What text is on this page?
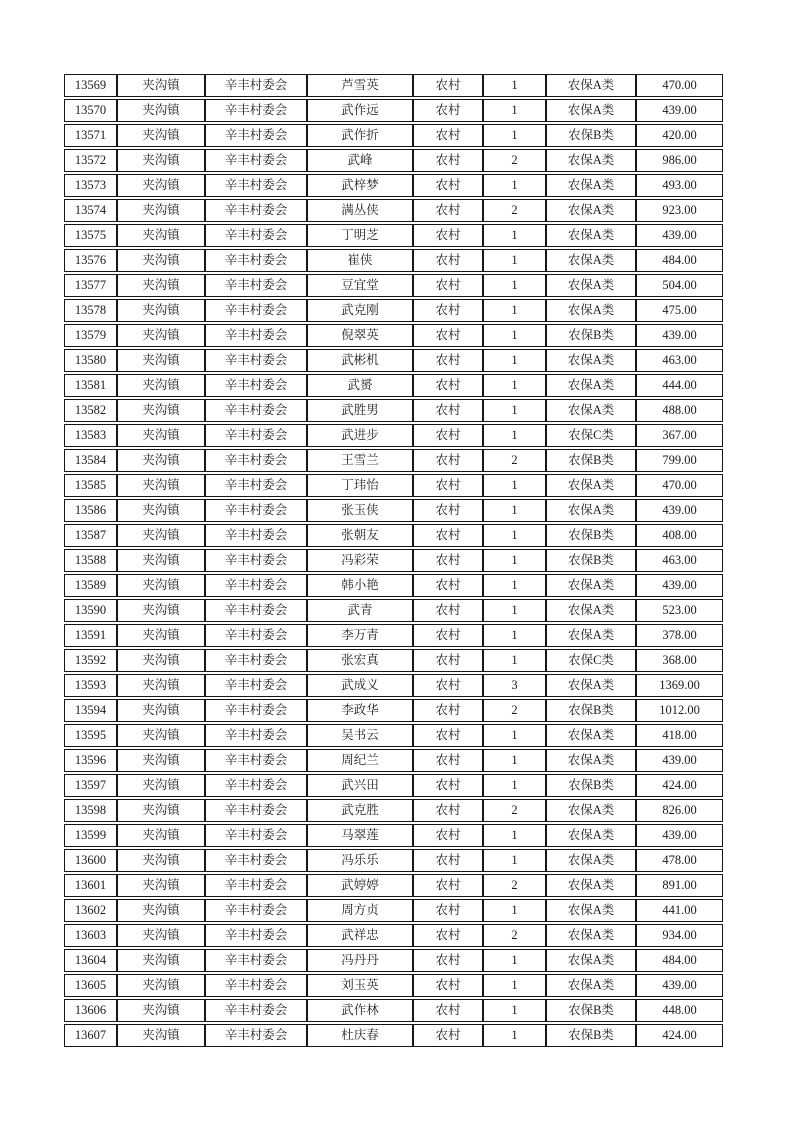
13569	夹沟镇	辛丰村委会	芦雪英	农村	1	农保A类	470.00
13570	夹沟镇	辛丰村委会	武作远	农村	1	农保A类	439.00
13571	夹沟镇	辛丰村委会	武作折	农村	1	农保B类	420.00
13572	夹沟镇	辛丰村委会	武峰	农村	2	农保A类	986.00
13573	夹沟镇	辛丰村委会	武梓梦	农村	1	农保A类	493.00
13574	夹沟镇	辛丰村委会	满丛侠	农村	2	农保A类	923.00
13575	夹沟镇	辛丰村委会	丁明芝	农村	1	农保A类	439.00
13576	夹沟镇	辛丰村委会	崔侠	农村	1	农保A类	484.00
13577	夹沟镇	辛丰村委会	豆宜堂	农村	1	农保A类	504.00
13578	夹沟镇	辛丰村委会	武克刚	农村	1	农保A类	475.00
13579	夹沟镇	辛丰村委会	倪翠英	农村	1	农保B类	439.00
13580	夹沟镇	辛丰村委会	武彬机	农村	1	农保A类	463.00
13581	夹沟镇	辛丰村委会	武赟	农村	1	农保A类	444.00
13582	夹沟镇	辛丰村委会	武胜男	农村	1	农保A类	488.00
13583	夹沟镇	辛丰村委会	武进步	农村	1	农保C类	367.00
13584	夹沟镇	辛丰村委会	王雪兰	农村	2	农保B类	799.00
13585	夹沟镇	辛丰村委会	丁玮怡	农村	1	农保A类	470.00
13586	夹沟镇	辛丰村委会	张玉侠	农村	1	农保A类	439.00
13587	夹沟镇	辛丰村委会	张朝友	农村	1	农保B类	408.00
13588	夹沟镇	辛丰村委会	冯彩荣	农村	1	农保B类	463.00
13589	夹沟镇	辛丰村委会	韩小艳	农村	1	农保A类	439.00
13590	夹沟镇	辛丰村委会	武青	农村	1	农保A类	523.00
13591	夹沟镇	辛丰村委会	李万青	农村	1	农保A类	378.00
13592	夹沟镇	辛丰村委会	张宏真	农村	1	农保C类	368.00
13593	夹沟镇	辛丰村委会	武成义	农村	3	农保A类	1369.00
13594	夹沟镇	辛丰村委会	李政华	农村	2	农保B类	1012.00
13595	夹沟镇	辛丰村委会	吴书云	农村	1	农保A类	418.00
13596	夹沟镇	辛丰村委会	周纪兰	农村	1	农保A类	439.00
13597	夹沟镇	辛丰村委会	武兴田	农村	1	农保B类	424.00
13598	夹沟镇	辛丰村委会	武克胜	农村	2	农保A类	826.00
13599	夹沟镇	辛丰村委会	马翠莲	农村	1	农保A类	439.00
13600	夹沟镇	辛丰村委会	冯乐乐	农村	1	农保A类	478.00
13601	夹沟镇	辛丰村委会	武婷婷	农村	2	农保A类	891.00
13602	夹沟镇	辛丰村委会	周方贞	农村	1	农保A类	441.00
13603	夹沟镇	辛丰村委会	武祥忠	农村	2	农保A类	934.00
13604	夹沟镇	辛丰村委会	冯丹丹	农村	1	农保A类	484.00
13605	夹沟镇	辛丰村委会	刘玉英	农村	1	农保A类	439.00
13606	夹沟镇	辛丰村委会	武作林	农村	1	农保B类	448.00
13607	夹沟镇	辛丰村委会	杜庆春	农村	1	农保B类	424.00
